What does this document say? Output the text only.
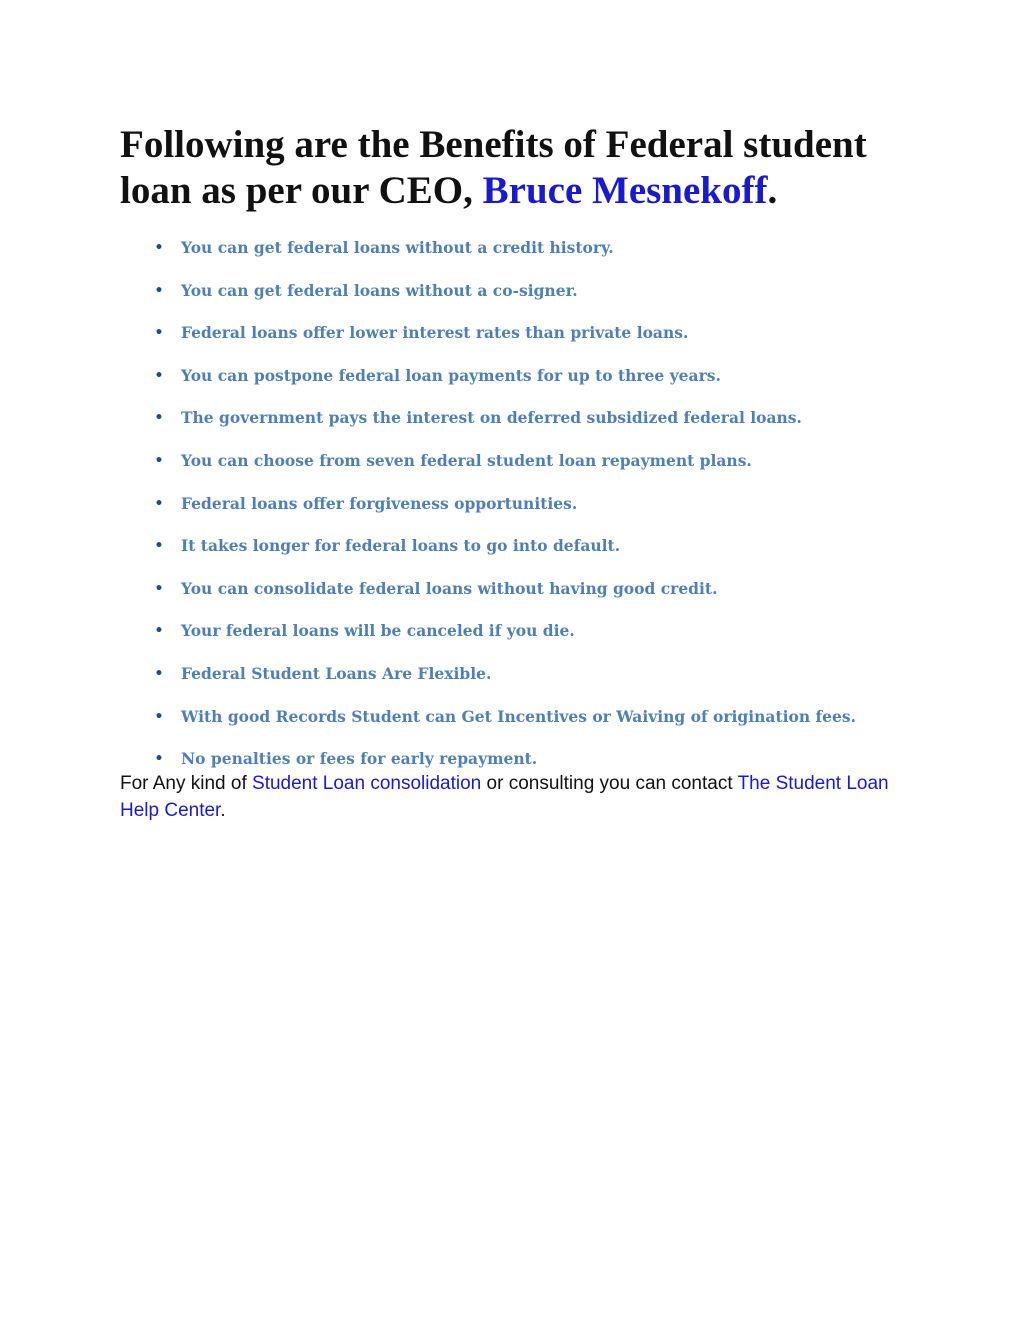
Following are the Benefits of Federal student loan as per our CEO, Bruce Mesnekoff.
• You can get federal loans without a credit history.
• You can get federal loans without a co-signer.
• Federal loans offer lower interest rates than private loans.
• You can postpone federal loan payments for up to three years.
• The government pays the interest on deferred subsidized federal loans.
• You can choose from seven federal student loan repayment plans.
• Federal loans offer forgiveness opportunities.
• It takes longer for federal loans to go into default.
• You can consolidate federal loans without having good credit.
• Your federal loans will be canceled if you die.
• Federal Student Loans Are Flexible.
• With good Records Student can Get Incentives or Waiving of origination fees.
• No penalties or fees for early repayment.

For Any kind of Student Loan consolidation or consulting you can contact The Student Loan Help Center.
